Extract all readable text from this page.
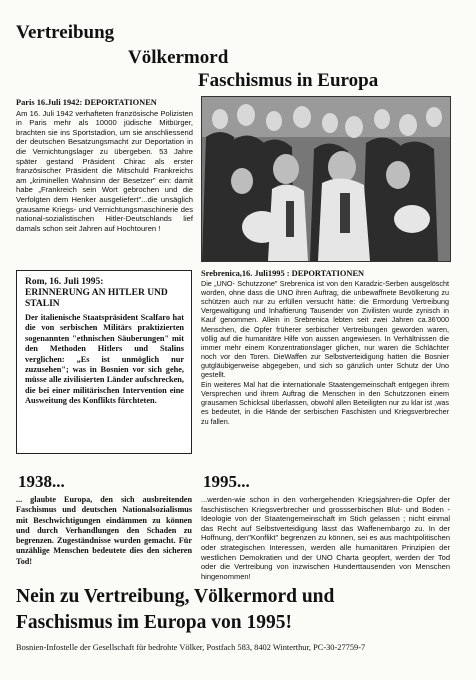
Vertreibung
Völkermord
Faschismus in Europa
Paris 16.Juli 1942: DEPORTATIONEN
Am 16. Juli 1942 verhafteten französische Polizisten in Paris mehr als 10000 jüdische Mitbürger, brachten sie ins Sportstadion, um sie anschliessend der deutschen Besatzungsmacht zur Deportation in die Vernichtungslager zu übergeben. 53 Jahre später gestand Präsident Chirac als erster französischer Präsident die Mitschuld Frankreichs am „kriminellen Wahnsinn der Besetzer" ein: damit habe „Frankreich sein Wort gebrochen und die Verfolgten dem Henker ausgeliefert"...die unsäglich grausame Kriegs- und Vernichtungsmaschinerie des national-sozialistischen Hitler-Deutschlands lief damals schon seit Jahren auf Hochtouren !
Rom, 16. Juli 1995:
ERINNERUNG AN HITLER UND STALIN
Der italienische Staatspräsident Scalfaro hat die von serbischen Militärs praktizierten sogenannten "ethnischen Säuberungen" mit den Methoden Hitlers und Stalins verglichen: „Es ist unmöglich nur zuzusehen"; was in Bosnien vor sich gehe, müsse alle zivilisierten Länder aufschrecken, die bei einer militärischen Intervention eine Ausweitung des Konflikts fürchteten.
Srebrenica,16. Juli1995 : DEPORTATIONEN
Die „UNO- Schutzzone" Srebrenica ist von den Karadzic-Serben ausgelöscht worden, ohne dass die UNO ihren Auftrag, die unbewaffnete Bevölkerung zu schützen auch nur zu erfüllen versucht hätte: die Ermordung Vertreibung Vergewaltigung und Inhaftierung Tausender von Zivilisten wurde zynisch in Kauf genommen. Allein in Srebrenica lebten seit zwei Jahren ca.36'000 Menschen, die Opfer früherer serbischer Vertreibungen geworden waren, völlig auf die humanitäre Hilfe von aussen angewiesen. In Verhältnissen die immer mehr einem Konzentrationslager glichen, nur waren die Schlächter noch vor den Toren. DieWaffen zur Selbstverteidigung hatten die Bosnier gutgläubigerweise abgegeben, und sich so gänzlich unter Schutz der Uno gestellt.
Ein weiteres Mal hat die internationale Staatengemeinschaft entgegen ihrem Versprechen und ihrem Auftrag die Menschen in den Schutzzonen einem grausamen Schicksal überlassen, obwohl allen Beteiligten nur zu klar ist ,was es bedeutet, in die Hände der serbischen Faschisten und Kriegsverbrecher zu fallen.
1938...
... glaubte Europa, den sich ausbreitenden Faschismus und deutschen Nationalsozialismus mit Beschwichtigungen eindämmen zu können und durch Verhandlungen den Schaden zu begrenzen. Zugeständnisse wurden gemacht. Für unzählige Menschen bedeutete dies den sicheren Tod!
1995...
...werden-wie schon in den vorhergehenden Kriegsjahren-die Opfer der faschistischen Kriegsverbrecher und grossserbischen Blut- und Boden -Ideologie von der Staatengemeinschaft im Stich gelassen ; nicht einmal das Recht auf Selbstverteidigung lässt das Waffenembargo zu. In der Hoffnung, den"Konflikt" begrenzen zu können, sei es aus machtpolitischen oder strategischen Interessen, werden alle humanitären Prinzipien der westlichen Demokratien und der UNO Charta geopfert, werden der Tod oder die Vertreibung von inzwischen Hunderttausenden von Menschen hingenommen!
Nein zu Vertreibung, Völkermord und
Faschismus im Europa von 1995!
Bosnien-Infostelle der Gesellschaft für bedrohte Völker, Postfach 583, 8402 Winterthur, PC-30-27759-7
